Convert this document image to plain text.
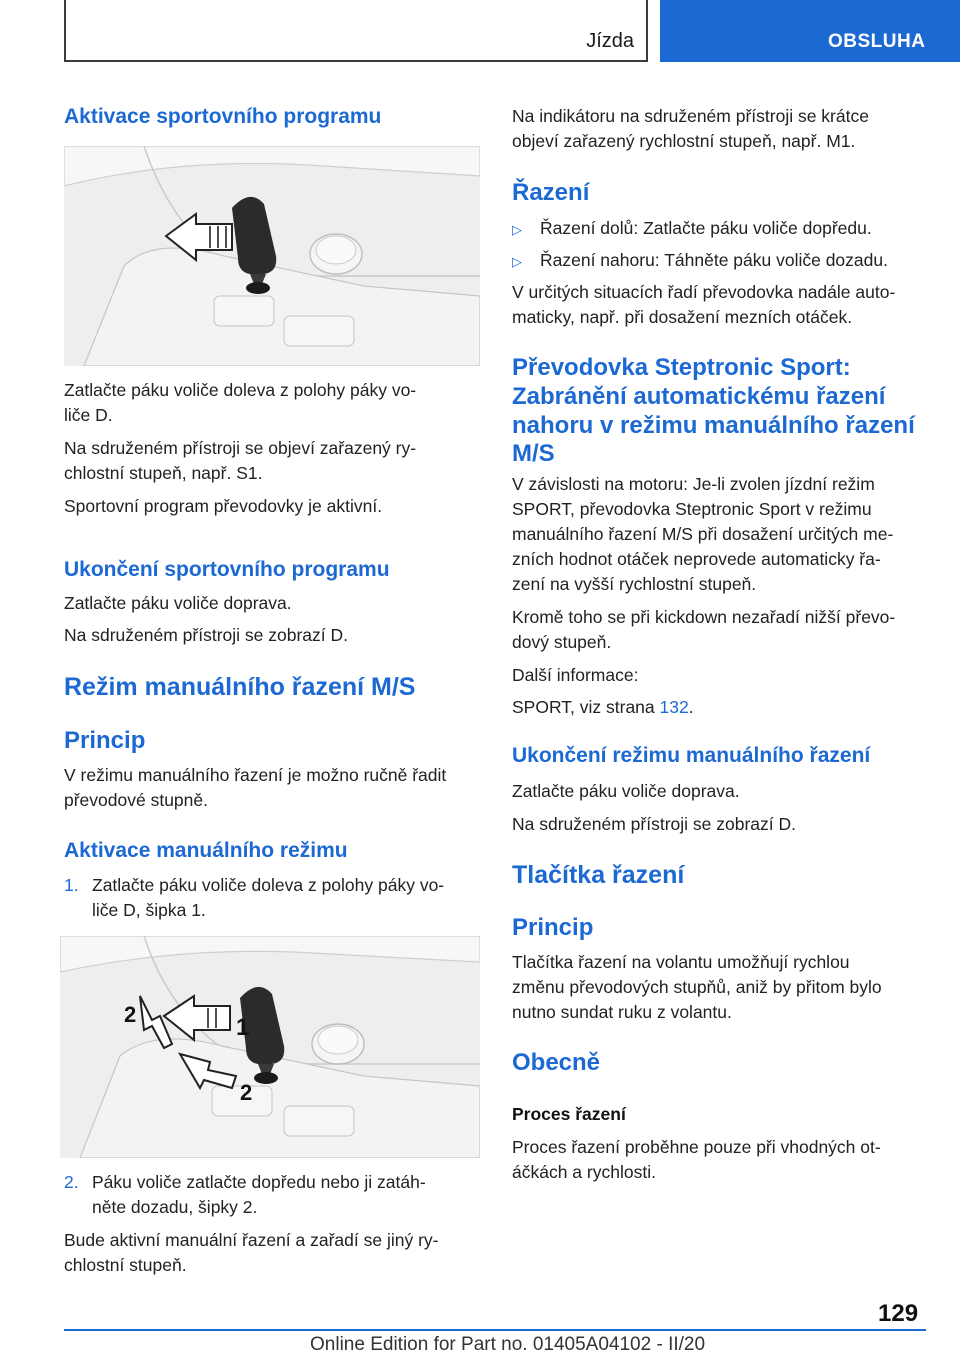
Jízda	OBSLUHA
Aktivace sportovního programu

Zatlačte páku voliče doleva z polohy páky vo-

liče D.

Na sdruženém přístroji se objeví zařazený ry-

chlostní stupeň, např. S1.

Sportovní program převodovky je aktivní.

Ukončení sportovního programu

Zatlačte páku voliče doprava.

Na sdruženém přístroji se zobrazí D.

Režim manuálního řazení M/S
Princip

V režimu manuálního řazení je možno ručně řadit

převodové stupně.

Aktivace manuálního režimu

1. Zatlačte páku voliče doleva z polohy páky vo-

liče D, šipka 1.

1
2
2

2. Páku voliče zatlačte dopředu nebo ji zatáh-

něte dozadu, šipky 2.

Bude aktivní manuální řazení a zařadí se jiný ry-

chlostní stupeň.

Na indikátoru na sdruženém přístroji se krátce

objeví zařazený rychlostní stupeň, např. M1.

Řazení

▷ Řazení dolů: Zatlačte páku voliče dopředu.

▷ Řazení nahoru: Táhněte páku voliče dozadu.

V určitých situacích řadí převodovka nadále auto-

maticky, např. při dosažení mezních otáček.

Převodovka Steptronic Sport:
Zabránění automatickému řazení
nahoru v režimu manuálního řazení
M/S

V závislosti na motoru: Je-li zvolen jízdní režim

SPORT, převodovka Steptronic Sport v režimu

manuálního řazení M/S při dosažení určitých me-

zních hodnot otáček neprovede automaticky řa-

zení na vyšší rychlostní stupeň.

Kromě toho se při kickdown nezařadí nižší převo-

dový stupeň.

Další informace:

SPORT, viz strana 132.

Ukončení režimu manuálního řazení

Zatlačte páku voliče doprava.

Na sdruženém přístroji se zobrazí D.

Tlačítka řazení
Princip

Tlačítka řazení na volantu umožňují rychlou

změnu převodových stupňů, aniž by přitom bylo

nutno sundat ruku z volantu.

Obecně

Proces řazení

Proces řazení proběhne pouze při vhodných ot-

áčkách a rychlosti.

129
Online Edition for Part no. 01405A04102 - II/20
